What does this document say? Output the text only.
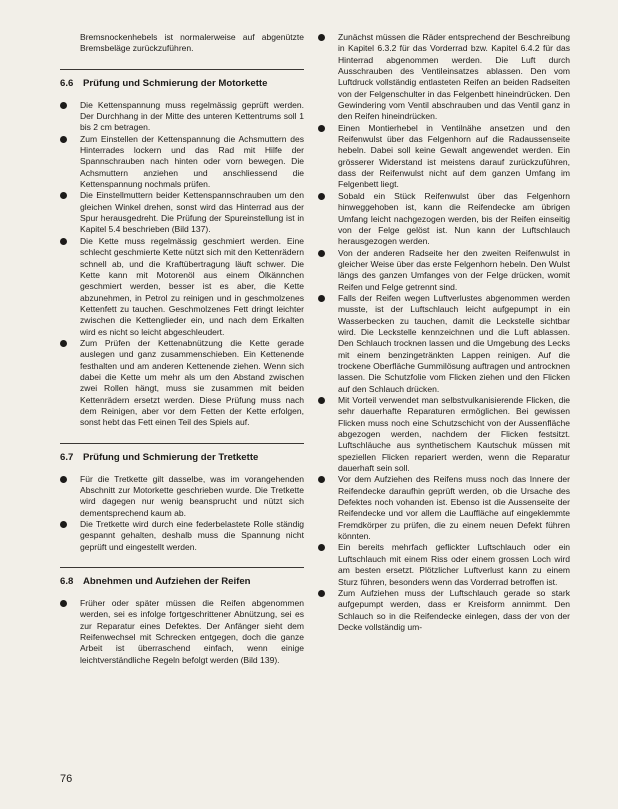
Bremsnockenhebels ist normalerweise auf abgenützte Bremsbeläge zurückzuführen.

6.6	Prüfung und Schmierung der Motorkette

Die Kettenspannung muss regelmässig geprüft werden. Der Durchhang in der Mitte des unteren Kettentrums soll 1 bis 2 cm betragen.

Zum Einstellen der Kettenspannung die Achsmuttern des Hinterrades lockern und das Rad mit Hilfe der Spannschrauben nach hinten oder vorn bewegen. Die Achsmuttern anziehen und anschliessend die Kettenspannung nochmals prüfen.

Die Einstellmuttern beider Kettenspannschrauben um den gleichen Winkel drehen, sonst wird das Hinterrad aus der Spur herausgedreht. Die Prüfung der Spureinstellung ist in Kapitel 5.4 beschrieben (Bild 137).

Die Kette muss regelmässig geschmiert werden. Eine schlecht geschmierte Kette nützt sich mit den Kettenrädern schnell ab, und die Kraftübertragung läuft schwer. Die Kette kann mit Motorenöl aus einem Ölkännchen geschmiert werden, besser ist es aber, die Kette abzunehmen, in Petrol zu reinigen und in geschmolzenes Kettenfett zu tauchen. Geschmolzenes Fett dringt leichter zwischen die Kettenglieder ein, und nach dem Erkalten wird es nicht so leicht abgeschleudert.

Zum Prüfen der Kettenabnützung die Kette gerade auslegen und ganz zusammenschieben. Ein Kettenende festhalten und am anderen Kettenende ziehen. Wenn sich dabei die Kette um mehr als um den Abstand zwischen zwei Rollen hängt, muss sie zusammen mit beiden Kettenrädern ersetzt werden. Diese Prüfung muss nach dem Reinigen, aber vor dem Fetten der Kette erfolgen, sonst hebt das Fett einen Teil des Spiels auf.

6.7	Prüfung und Schmierung der Tretkette

Für die Tretkette gilt dasselbe, was im vorangehenden Abschnitt zur Motorkette geschrieben wurde. Die Tretkette wird dagegen nur wenig beansprucht und nützt sich dementsprechend kaum ab.

Die Tretkette wird durch eine federbelastete Rolle ständig gespannt gehalten, deshalb muss die Spannung nicht geprüft und eingestellt werden.

6.8	Abnehmen und Aufziehen der Reifen

Früher oder später müssen die Reifen abgenommen werden, sei es infolge fortgeschrittener Abnützung, sei es zur Reparatur eines Defektes. Der Anfänger sieht dem Reifenwechsel mit Schrecken entgegen, doch die ganze Arbeit ist überraschend einfach, wenn einige leichtverständliche Regeln befolgt werden (Bild 139).

Zunächst müssen die Räder entsprechend der Beschreibung in Kapitel 6.3.2 für das Vorderrad bzw. Kapitel 6.4.2 für das Hinterrad abgenommen werden. Die Luft durch Ausschrauben des Ventileinsatzes ablassen. Den vom Luftdruck vollständig entlasteten Reifen an beiden Radseiten von der Felgenschulter in das Felgenbett hineindrücken. Den Gewindering vom Ventil abschrauben und das Ventil ganz in den Reifen hineindrücken.

Einen Montierhebel in Ventilnähe ansetzen und den Reifenwulst über das Felgenhorn auf die Radaussenseite hebeln. Dabei soll keine Gewalt angewendet werden. Ein grösserer Widerstand ist meistens darauf zurückzuführen, dass der Reifenwulst nicht auf dem ganzen Umfang im Felgenbett liegt.

Sobald ein Stück Reifenwulst über das Felgenhorn hinweggehoben ist, kann die Reifendecke am übrigen Umfang leicht nachgezogen werden, bis der Reifen einseitig von der Felge gelöst ist. Nun kann der Luftschlauch herausgezogen werden.

Von der anderen Radseite her den zweiten Reifenwulst in gleicher Weise über das erste Felgenhorn hebeln. Den Wulst längs des ganzen Umfanges von der Felge drücken, womit Reifen und Felge getrennt sind.

Falls der Reifen wegen Luftverlustes abgenommen werden musste, ist der Luftschlauch leicht aufgepumpt in ein Wasserbecken zu tauchen, damit die Leckstelle sichtbar wird. Die Leckstelle kennzeichnen und die Luft ablassen. Den Schlauch trocknen lassen und die Umgebung des Lecks mit einem benzingetränkten Lappen reinigen. Auf die trockene Oberfläche Gummilösung auftragen und antrocknen lassen. Die Schutzfolie vom Flicken ziehen und den Flicken auf den Schlauch drücken.

Mit Vorteil verwendet man selbstvulkanisierende Flicken, die sehr dauerhafte Reparaturen ermöglichen. Bei gewissen Flicken muss noch eine Schutzschicht von der Aussenfläche abgezogen werden, nachdem der Flicken festsitzt. Luftschläuche aus synthetischem Kautschuk müssen mit speziellen Flicken repariert werden, wenn die Reparatur dauerhaft sein soll.

Vor dem Aufziehen des Reifens muss noch das Innere der Reifendecke daraufhin geprüft werden, ob die Ursache des Defektes noch vohanden ist. Ebenso ist die Aussenseite der Reifendecke und vor allem die Lauffläche auf eingeklemmte Fremdkörper zu prüfen, die zu einem neuen Defekt führen könnten.

Ein bereits mehrfach geflickter Luftschlauch oder ein Luftschlauch mit einem Riss oder einem grossen Loch wird am besten ersetzt. Plötzlicher Luftverlust kann zu einem Sturz führen, besonders wenn das Vorderrad betroffen ist.

Zum Aufziehen muss der Luftschlauch gerade so stark aufgepumpt werden, dass er Kreisform annimmt. Den Schlauch so in die Reifendecke einlegen, dass der von der Decke vollständig um-

76
